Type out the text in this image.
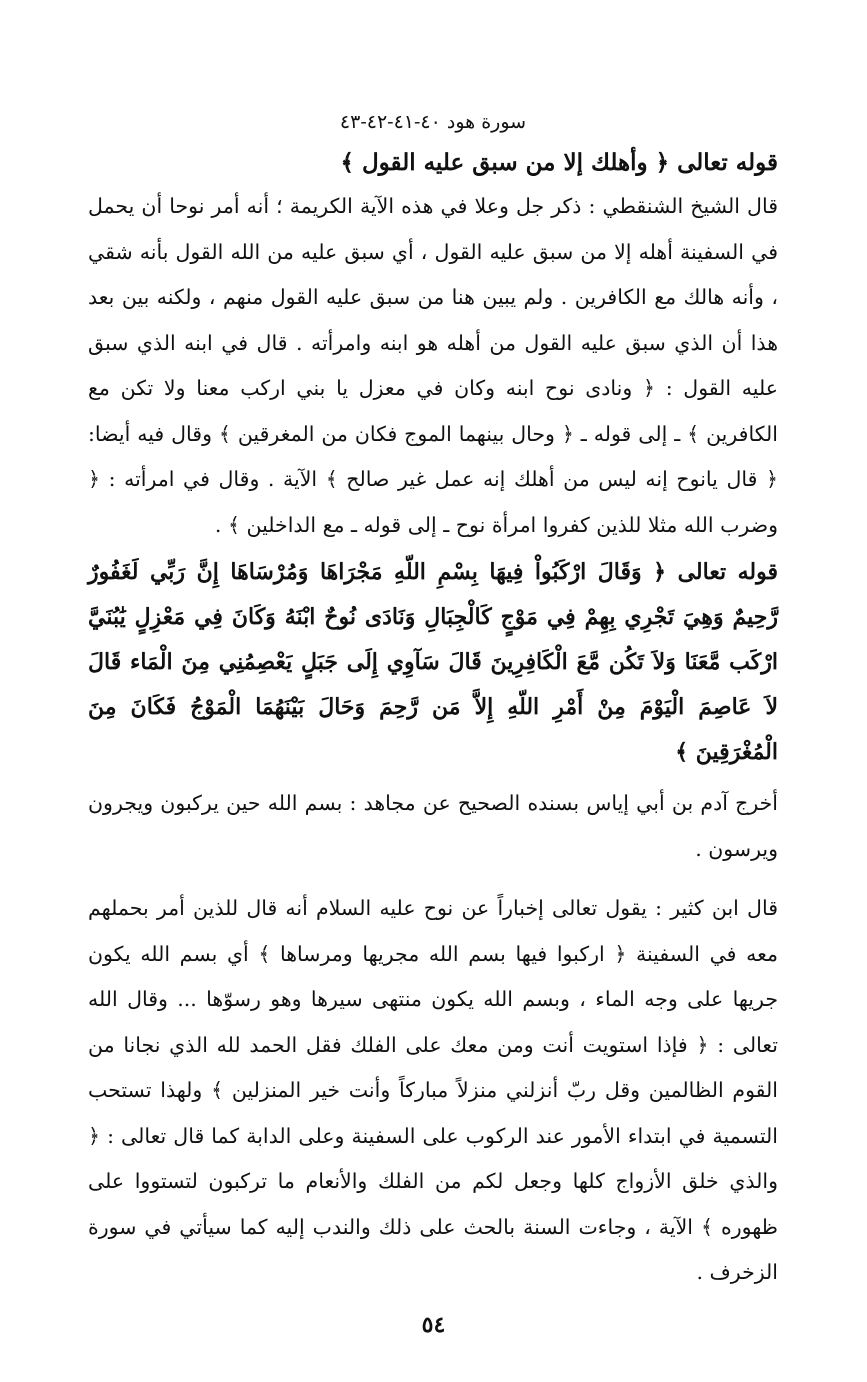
سورة هود ٤٠-٤١-٤٢-٤٣
قوله تعالى ﴿ وأهلك إلا من سبق عليه القول ﴾

قال الشيخ الشنقطي : ذكر جل وعلا في هذه الآية الكريمة ؛ أنه أمر نوحا أن يحمل في السفينة أهله إلا من سبق عليه القول ، أي سبق عليه من الله القول بأنه شقي ، وأنه هالك مع الكافرين . ولم يبين هنا من سبق عليه القول منهم ، ولكنه بين بعد هذا أن الذي سبق عليه القول من أهله هو ابنه وامرأته . قال في ابنه الذي سبق عليه القول : ﴿ ونادى نوح ابنه وكان في معزل يا بني اركب معنا ولا تكن مع الكافرين ﴾ ـ إلى قوله ـ ﴿ وحال بينهما الموج فكان من المغرقين ﴾ وقال فيه أيضا: ﴿ قال يانوح إنه ليس من أهلك إنه عمل غير صالح ﴾ الآية . وقال في امرأته : ﴿ وضرب الله مثلا للذين كفروا امرأة نوح ـ إلى قوله ـ مع الداخلين ﴾ .

قوله تعالى ﴿ وَقَالَ ارْكَبُواْ فِيهَا بِسْمِ اللّهِ مَجْرَاهَا وَمُرْسَاهَا إِنَّ رَبِّي لَغَفُورٌ رَّحِيمٌ وَهِيَ تَجْرِي بِهِمْ فِي مَوْجٍ كَالْجِبَالِ وَنَادَى نُوحٌ ابْنَهُ وَكَانَ فِي مَعْزِلٍ يَٰبُنَيَّ ارْكَب مَّعَنَا وَلاَ تَكُن مَّعَ الْكَافِرِينَ قَالَ سَآوِي إِلَى جَبَلٍ يَعْصِمُنِي مِنَ الْمَاء قَالَ لاَ عَاصِمَ الْيَوْمَ مِنْ أَمْرِ اللّهِ إِلاَّ مَن رَّحِمَ وَحَالَ بَيْنَهُمَا الْمَوْجُ فَكَانَ مِنَ الْمُغْرَقِينَ ﴾

أخرج آدم بن أبي إياس بسنده الصحيح عن مجاهد : بسم الله حين يركبون ويجرون ويرسون .

قال ابن كثير : يقول تعالى إخباراً عن نوح عليه السلام أنه قال للذين أمر بحملهم معه في السفينة ﴿ اركبوا فيها بسم الله مجريها ومرساها ﴾ أي بسم الله يكون جريها على وجه الماء ، وبسم الله يكون منتهى سيرها وهو رسوّها ... وقال الله تعالى : ﴿ فإذا استويت أنت ومن معك على الفلك فقل الحمد لله الذي نجانا من القوم الظالمين وقل ربّ أنزلني منزلاً مباركاً وأنت خير المنزلين ﴾ ولهذا تستحب التسمية في ابتداء الأمور عند الركوب على السفينة وعلى الدابة كما قال تعالى : ﴿ والذي خلق الأزواج كلها وجعل لكم من الفلك والأنعام ما تركبون لتستووا على ظهوره ﴾ الآية ، وجاءت السنة بالحث على ذلك والندب إليه كما سيأتي في سورة الزخرف .

٥٤
